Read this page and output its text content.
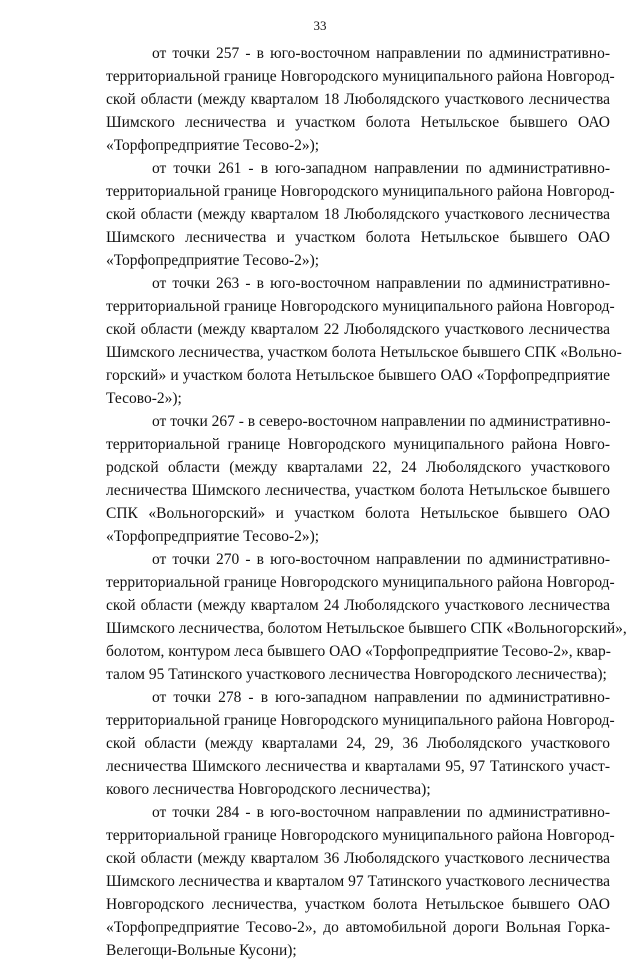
33
от точки 257 - в юго-восточном направлении по административно-
территориальной границе Новгородского муниципального района Новгород-
ской области (между кварталом 18 Люболядского участкового лесничества
Шимского лесничества и участком болота Нетыльское бывшего ОАО
«Торфопредприятие Тесово-2»);
от точки 261 - в юго-западном направлении по административно-
территориальной границе Новгородского муниципального района Новгород-
ской области (между кварталом 18 Люболядского участкового лесничества
Шимского лесничества и участком болота Нетыльское бывшего ОАО
«Торфопредприятие Тесово-2»);
от точки 263 - в юго-восточном направлении по административно-
территориальной границе Новгородского муниципального района Новгород-
ской области (между кварталом 22 Люболядского участкового лесничества
Шимского лесничества, участком болота Нетыльское бывшего СПК «Вольно-
горский» и участком болота Нетыльское бывшего ОАО «Торфопредприятие
Тесово-2»);
от точки 267 - в северо-восточном направлении по административно-
территориальной границе Новгородского муниципального района Новго-
родской области (между кварталами 22, 24 Люболядского участкового
лесничества Шимского лесничества, участком болота Нетыльское бывшего
СПК «Вольногорский» и участком болота Нетыльское бывшего ОАО
«Торфопредприятие Тесово-2»);
от точки 270 - в юго-восточном направлении по административно-
территориальной границе Новгородского муниципального района Новгород-
ской области (между кварталом 24 Люболядского участкового лесничества
Шимского лесничества, болотом Нетыльское бывшего СПК «Вольногорский»,
болотом, контуром леса бывшего ОАО «Торфопредприятие Тесово-2», квар-
талом 95 Татинского участкового лесничества Новгородского лесничества);
от точки 278 - в юго-западном направлении по административно-
территориальной границе Новгородского муниципального района Новгород-
ской области (между кварталами 24, 29, 36 Люболядского участкового
лесничества Шимского лесничества и кварталами 95, 97 Татинского участ-
кового лесничества Новгородского лесничества);
от точки 284 - в юго-восточном направлении по административно-
территориальной границе Новгородского муниципального района Новгород-
ской области (между кварталом 36 Люболядского участкового лесничества
Шимского лесничества и кварталом 97 Татинского участкового лесничества
Новгородского лесничества, участком болота Нетыльское бывшего ОАО
«Торфопредприятие Тесово-2», до автомобильной дороги Вольная Горка-
Велегощи-Вольные Кусони);
